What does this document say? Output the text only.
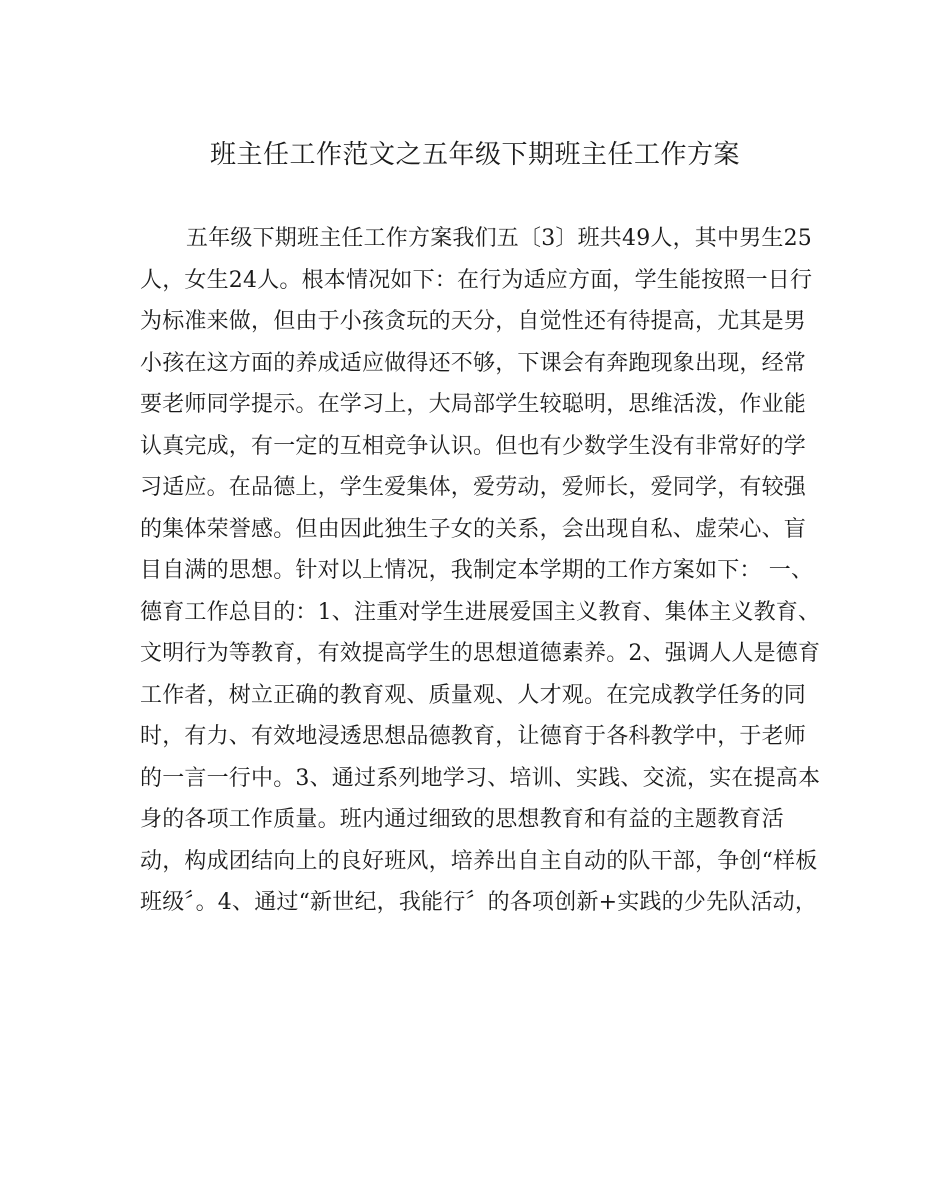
班主任工作范文之五年级下期班主任工作方案
五年级下期班主任工作方案我们五〔3〕班共49人，其中男生25
人，女生24人。根本情况如下：在行为适应方面，学生能按照一日行
为标准来做，但由于小孩贪玩的天分，自觉性还有待提高，尤其是男
小孩在这方面的养成适应做得还不够，下课会有奔跑现象出现，经常
要老师同学提示。在学习上，大局部学生较聪明，思维活泼，作业能
认真完成，有一定的互相竞争认识。但也有少数学生没有非常好的学
习适应。在品德上，学生爱集体，爱劳动，爱师长，爱同学，有较强
的集体荣誉感。但由因此独生子女的关系，会出现自私、虚荣心、盲
目自满的思想。针对以上情况，我制定本学期的工作方案如下： 一、
德育工作总目的：1、注重对学生进展爱国主义教育、集体主义教育、
文明行为等教育，有效提高学生的思想道德素养。2、强调人人是德育
工作者，树立正确的教育观、质量观、人才观。在完成教学任务的同
时，有力、有效地浸透思想品德教育，让德育于各科教学中，于老师
的一言一行中。3、通过系列地学习、培训、实践、交流，实在提高本
身的各项工作质量。班内通过细致的思想教育和有益的主题教育活
动，构成团结向上的良好班风，培养出自主自动的队干部，争创“样板
班级〞。4、通过“新世纪，我能行〞的各项创新+实践的少先队活动，
